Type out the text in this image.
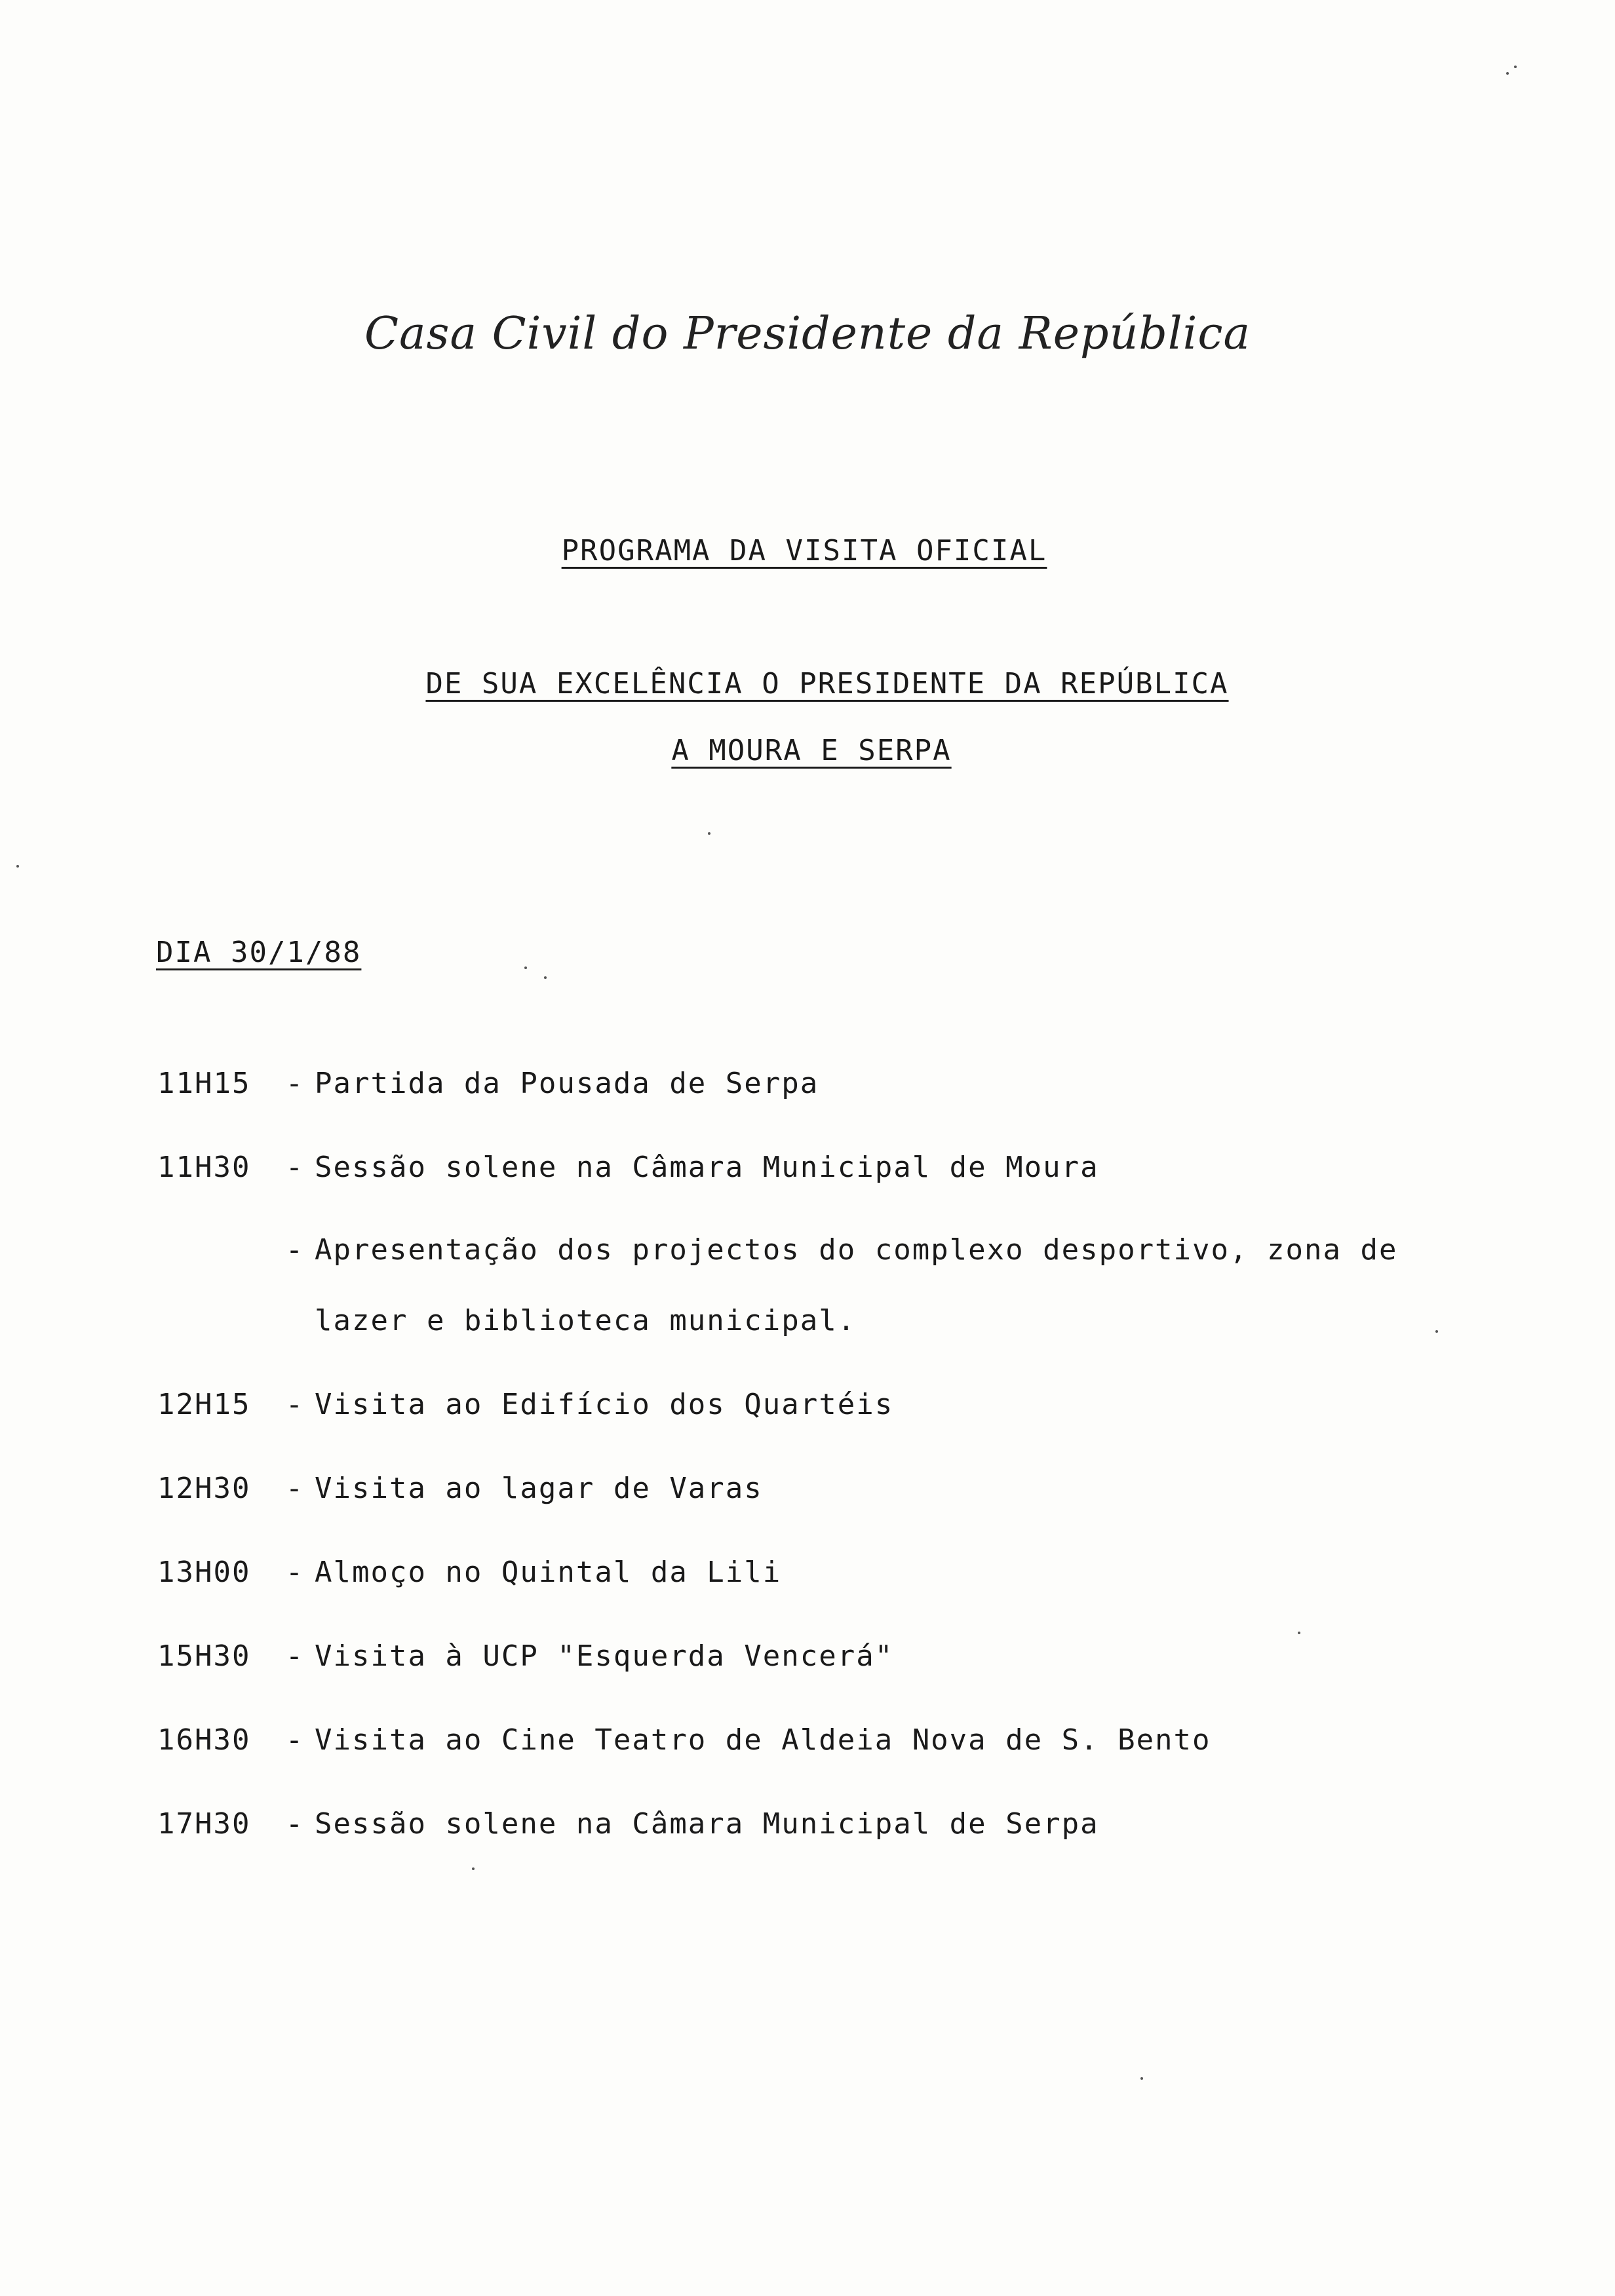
Casa Civil do Presidente da República
PROGRAMA DA VISITA OFICIAL
DE SUA EXCELÊNCIA O PRESIDENTE DA REPÚBLICA
A MOURA E SERPA
DIA 30/1/88
11H15 - Partida da Pousada de Serpa
11H30 - Sessão solene na Câmara Municipal de Moura
- Apresentação dos projectos do complexo desportivo, zona de
lazer e biblioteca municipal.
12H15 - Visita ao Edifício dos Quartéis
12H30 - Visita ao lagar de Varas
13H00 - Almoço no Quintal da Lili
15H30 - Visita à UCP "Esquerda Vencerá"
16H30 - Visita ao Cine Teatro de Aldeia Nova de S. Bento
17H30 - Sessão solene na Câmara Municipal de Serpa
